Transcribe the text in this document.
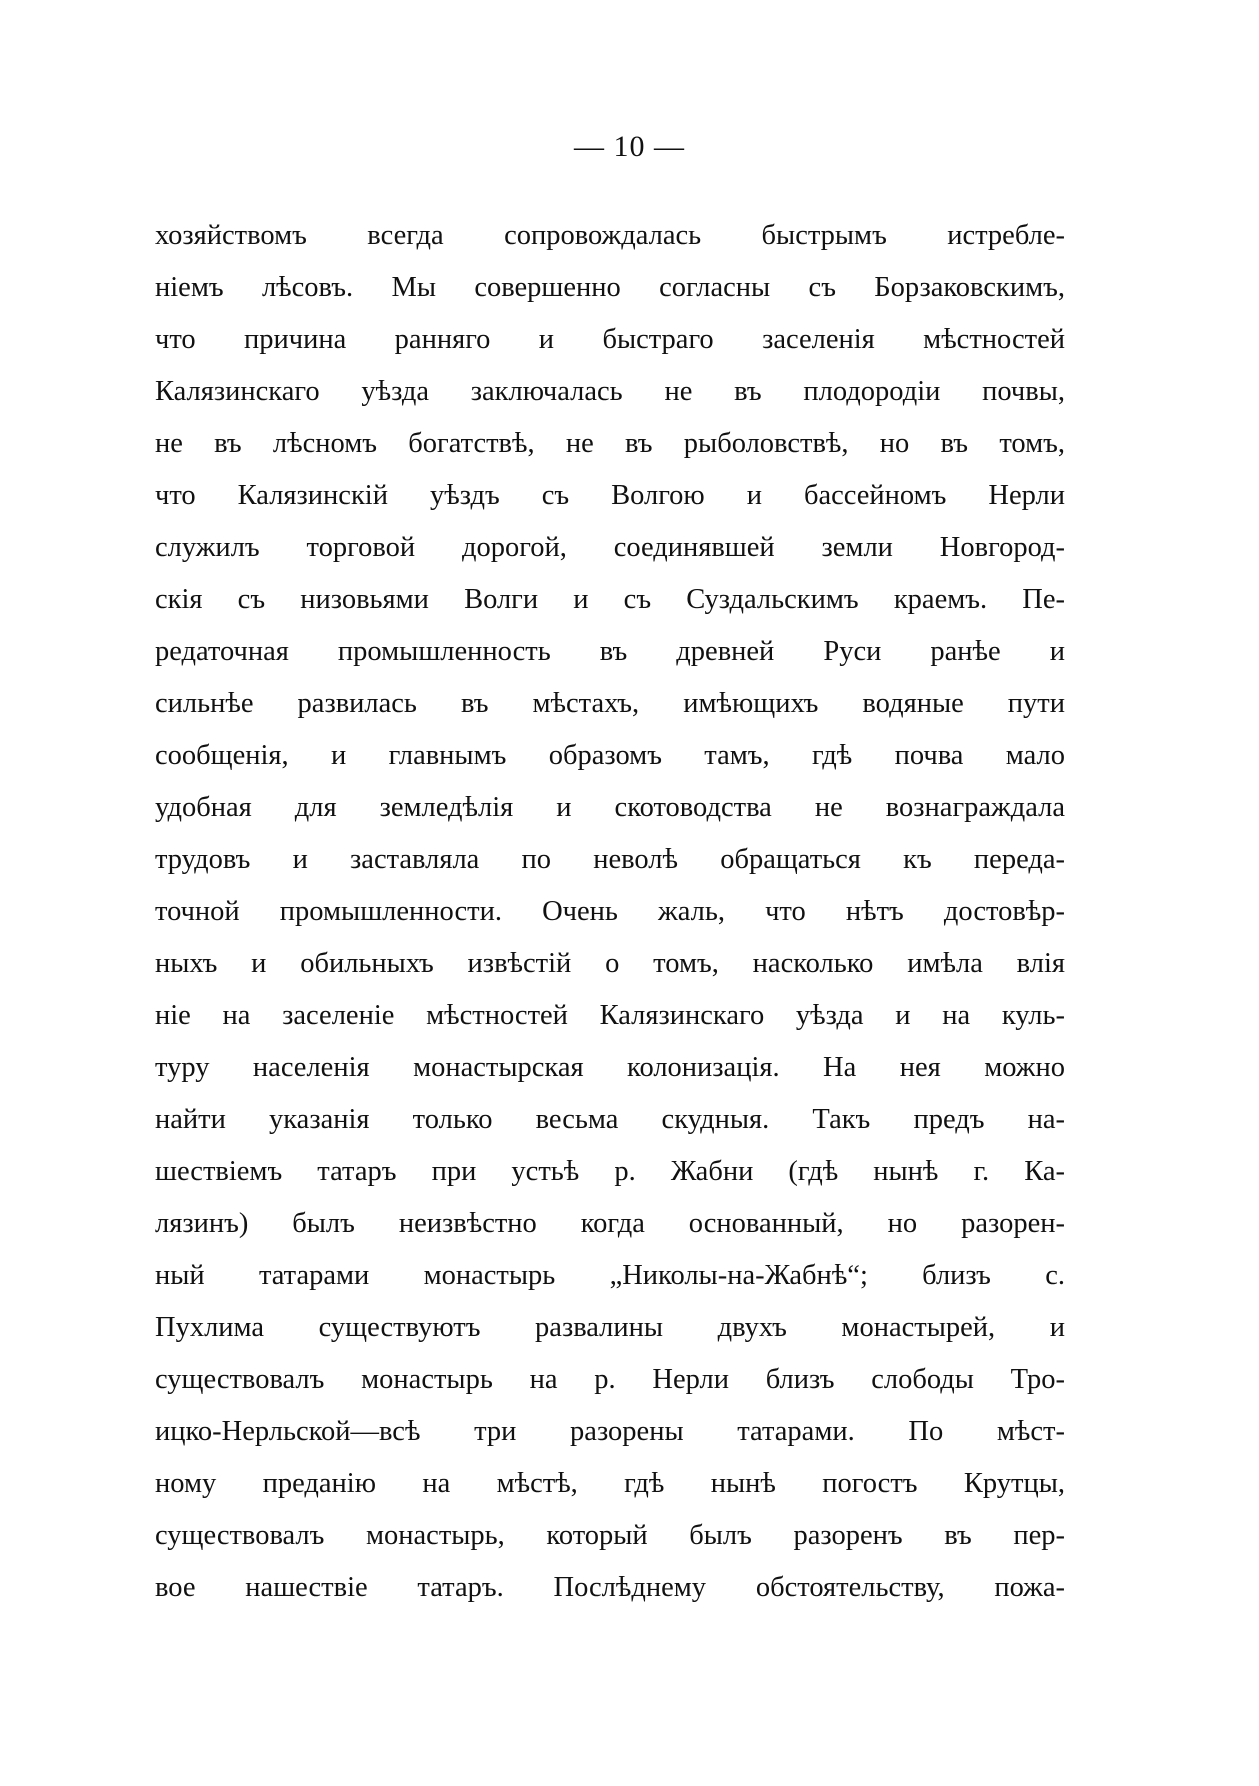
— 10 —
хозяйствомъ всегда сопровождалась быстрымъ истребле-
ніемъ лѣсовъ. Мы совершенно согласны съ Борзаковскимъ,
что причина ранняго и быстраго заселенія мѣстностей
Калязинскаго уѣзда заключалась не въ плодородіи почвы,
не въ лѣсномъ богатствѣ, не въ рыболовствѣ, но въ томъ,
что Калязинскій уѣздъ съ Волгою и бассейномъ Нерли
служилъ торговой дорогой, соединявшей земли Новгород-
скія съ низовьями Волги и съ Суздальскимъ краемъ. Пе-
редаточная промышленность въ древней Руси ранѣе и
сильнѣе развилась въ мѣстахъ, имѣющихъ водяные пути
сообщенія, и главнымъ образомъ тамъ, гдѣ почва мало
удобная для земледѣлія и скотоводства не вознаграждала
трудовъ и заставляла по неволѣ обращаться къ переда-
точной промышленности. Очень жаль, что нѣтъ достовѣр-
ныхъ и обильныхъ извѣстій о томъ, насколько имѣла влія
ніе на заселеніе мѣстностей Калязинскаго уѣзда и на куль-
туру населенія монастырская колонизація. На нея можно
найти указанія только весьма скудныя. Такъ предъ на-
шествіемъ татаръ при устьѣ р. Жабни (гдѣ нынѣ г. Ка-
лязинъ) былъ неизвѣстно когда основанный, но разорен-
ный татарами монастырь „Николы-на-Жабнѣ“; близъ с.
Пухлима существуютъ развалины двухъ монастырей, и
существовалъ монастырь на р. Нерли близъ слободы Тро-
ицко-Нерльской—всѣ три разорены татарами. По мѣст-
ному преданію на мѣстѣ, гдѣ нынѣ погостъ Крутцы,
существовалъ монастырь, который былъ разоренъ въ пер-
вое нашествіе татаръ. Послѣднему обстоятельству, пожа-
